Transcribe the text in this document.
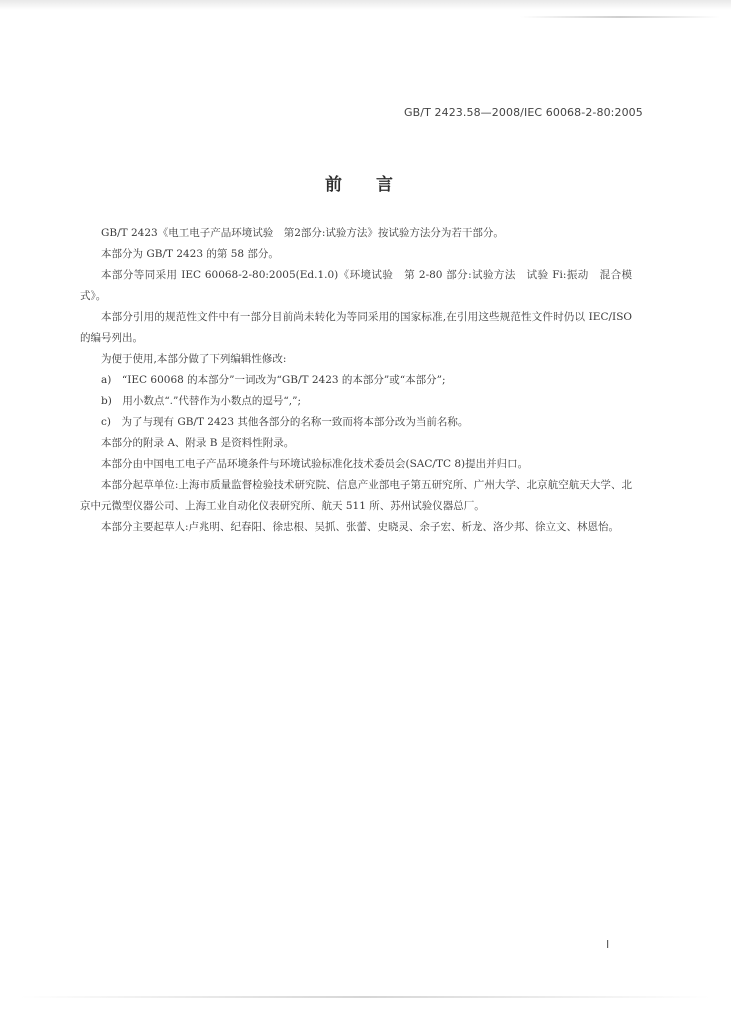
GB/T 2423.58—2008/IEC 60068-2-80:2005
前言

GB/T 2423《电工电子产品环境试验　第2部分:试验方法》按试验方法分为若干部分。

本部分为 GB/T 2423 的第 58 部分。

本部分等同采用 IEC 60068-2-80:2005(Ed.1.0)《环境试验　第 2-80 部分:试验方法　试验 Fi:振动　混合模式》。

本部分引用的规范性文件中有一部分目前尚未转化为等同采用的国家标准,在引用这些规范性文件时仍以 IEC/ISO 的编号列出。

为便于使用,本部分做了下列编辑性修改:

a)　“IEC 60068 的本部分”一词改为“GB/T 2423 的本部分”或“本部分”;

b)　用小数点“.”代替作为小数点的逗号“,”;

c)　为了与现有 GB/T 2423 其他各部分的名称一致而将本部分改为当前名称。

本部分的附录 A、附录 B 是资料性附录。

本部分由中国电工电子产品环境条件与环境试验标准化技术委员会(SAC/TC 8)提出并归口。

本部分起草单位:上海市质量监督检验技术研究院、信息产业部电子第五研究所、广州大学、北京航空航天大学、北京中元微型仪器公司、上海工业自动化仪表研究所、航天 511 所、苏州试验仪器总厂。

本部分主要起草人:卢兆明、纪春阳、徐忠根、吴抓、张蕾、史晓灵、余子宏、析龙、洛少邦、徐立文、林恩怡。

I
